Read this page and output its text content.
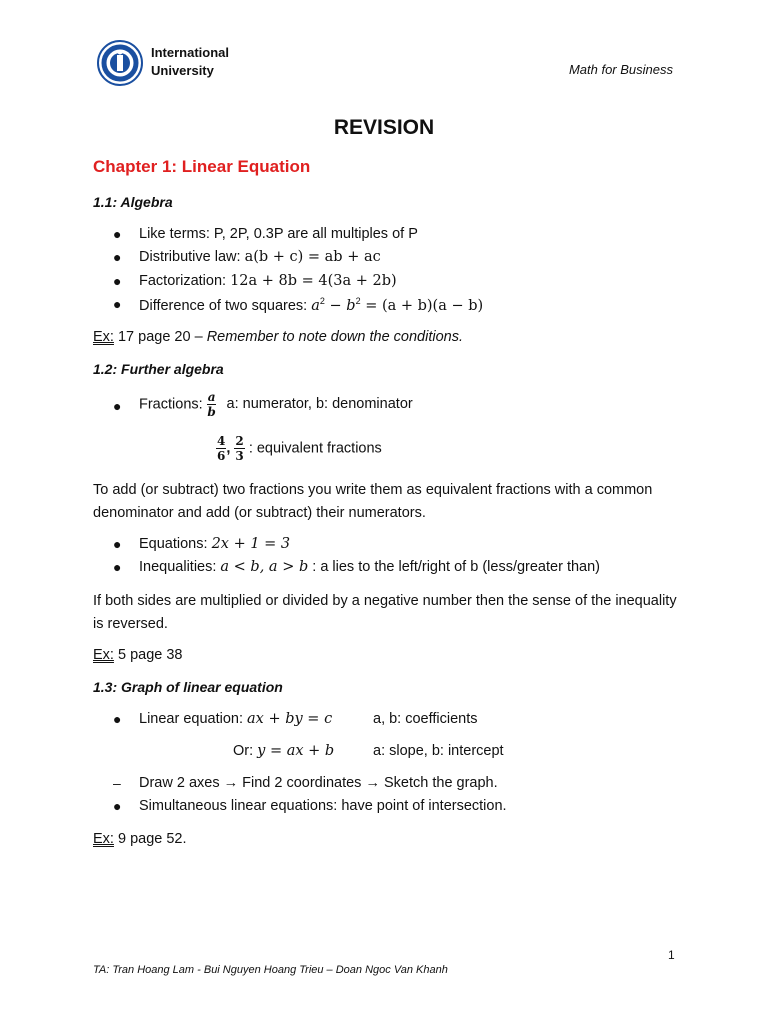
International
University	Math for Business
REVISION
Chapter 1: Linear Equation
1.1: Algebra
● Like terms: P, 2P, 0.3P are all multiples of P
● Distributive law: a(b + c) = ab + ac
● Factorization: 12a + 8b = 4(3a + 2b)
● Difference of two squares: $a^2 - b^2 = (a + b)(a - b)$
Ex: 17 page 20 – Remember to note down the conditions.
1.2: Further algebra
● Fractions: $\frac{a}{b} a$: numerator, b: denominator
$\frac{4}{6}$ , $\frac{2}{3}$ : equivalent fractions
To add (or subtract) two fractions you write them as equivalent fractions with a common denominator and add (or subtract) their numerators.
● Equations: 2x + 1 = 3
● Inequalities: a < b, a > b : a lies to the left/right of b (less/greater than)
If both sides are multiplied or divided by a negative number then the sense of the inequality is reversed.
Ex: 5 page 38
1.3: Graph of linear equation
● Linear equation: ax + by = c	a, b: coefficients
Or: y = ax + b	a: slope, b: intercept
– Draw 2 axes → Find 2 coordinates → Sketch the graph.
● Simultaneous linear equations: have point of intersection.
Ex: 9 page 52.
1
TA: Tran Hoang Lam - Bui Nguyen Hoang Trieu – Doan Ngoc Van Khanh
